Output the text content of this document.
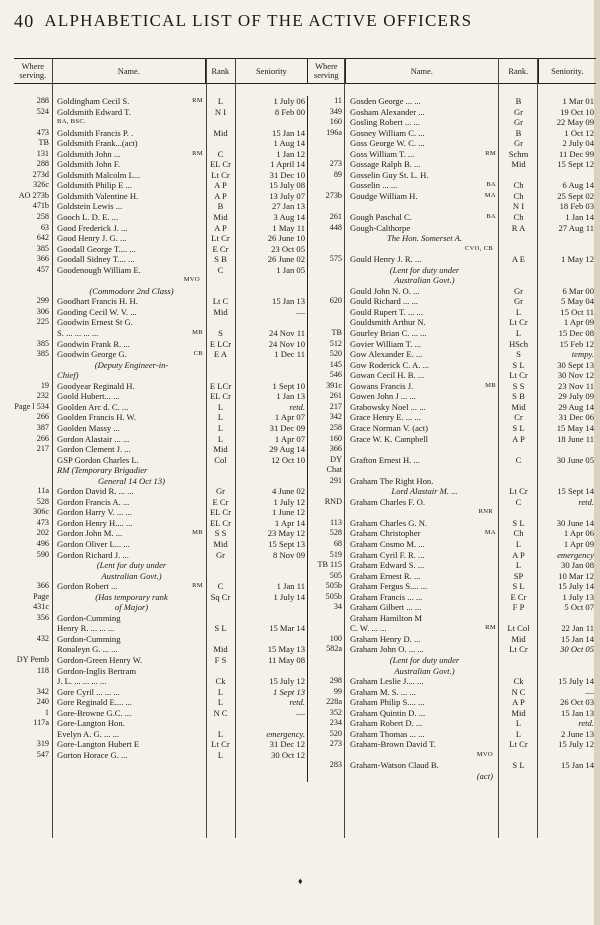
40 ALPHABETICAL LIST OF THE ACTIVE OFFICERS
Where serving.	Name.	Rank	Seniority	Where serving	Name.	Rank.	Seniority.
288 Goldingham Cecil S.	RM	L	1 July 06
524 Goldsmith Edward T.	N I	8 Feb 00
BA, BSC.
473 Goldsmith Francis P. .	Mid	15 Jan 14
TB Goldsmith Frank...(act)	1 Aug 14
131 Goldsmith John ...	RM	C	1 Jan 12
288 Goldsmith John F.	EL Cr	1 April 14
273d Goldsmith Malcolm L...	Lt Cr	31 Dec 10
326c Goldsmith Philip E ...	A P	15 July 08
AO 273b Goldsmith Valentine H.	A P	13 July 07
471b Goldstein Lewis ...	B	27 Jan 13
258 Gooch L. D. E. ...	Mid	3 Aug 14
63 Good Frederick J. ...	A P	1 May 11
642 Good Henry J. G. ...	Lt Cr	26 June 10
385 Goodall George T.... ...	E Cr	23 Oct 05
366 Goodall Sidney T.... ...	S B	26 June 02
457 Goodenough William E.	C	1 Jan 05
MVO
(Commodore 2nd Class)
299 Goodhart Francis H. H.	Lt C	15 Jan 13
306 Gooding Cecil W. V. ...	Mid	—
225 Goodwin Ernest St G.
S. ... ... ... ...	MB	S	24 Nov 11
385 Goodwin Frank R. ...	E LCr	24 Nov 10
385 Goodwin George G.	CB	E A	1 Dec 11
(Deputy Engineer-in-
Chief)
19 Goodyear Reginald H.	E LCr	1 Sept 10
232 Goold Hubert... ...	EL Cr	1 Jan 13
Page l 534 Goolden Arc d. C. ...	L	retd.
266 Goolden Francis H. W.	L	1 Apr 07
387 Goolden Massy ...	L	31 Dec 09
266 Gordon Alastair ... ...	L	1 Apr 07
217 Gordon Clement J. ...	Mid	29 Aug 14
GSP Gordon Charles L.	Col	12 Oct 10
RM (Temporary Brigadier
General 14 Oct 13)
11a Gordon David R. ... ...	Gr	4 June 02
528 Gordon Francis A. ...	E Cr	1 July 12
306c Gordon Harry V. ... ...	EL Cr	1 June 12
473 Gordon Henry H.... ...	EL Cr	1 Apr 14
202 Gordon John M. ...	MB	S S	23 May 12
496 Gordon Oliver L... ...	Mid	15 Sept 13
590 Gordon Richard J. ...	Gr	8 Nov 09
(Lent for duty under
Australian Govt.)
366 Gordon Robert ...	RM	C	1 Jan 11
Page	(Has temporary rank	Sq Cr	1 July 14
431c	of Major)
356 Gordon-Cumming
Henry R. ... ... ...	S L	15 Mar 14
432 Gordon-Cumming
Ronaleyn G. ... ...	Mid	15 May 13
DY Pemb Gordon-Green Henry W.	F S	11 May 08
118 Gordon-Inglis Bertram
J. L. ... ... ... ...	Ck	15 July 12
342 Gore Cyril ... ... ...	L	1 Sept 13
240 Gore Reginald E.... ...	L	retd.
1 Gore-Browne G.C. ...	N C	—
117a Gore-Langton Hon.
Evelyn A. G. ... ...	L	emergency.
319 Gore-Langton Hubert E	Lt Cr	31 Dec 12
547 Gorton Horace G. ...	L	30 Oct 12
11 Gosden George ... ...	B	1 Mar 01
349 Gosham Alexander ...	Gr	19 Oct 10
160 Gosling Robert ... ...	Gr	22 May 09
196a Gosney William C. ...	B	1 Oct 12
Goss George W. C. ...	Gr	2 July 04
Goss William T. ...	RM	Schm	11 Dec 99
273 Gossage Ralph B. ...	Mid	15 Sept 12
89 Gosselin Guy St. L. H.
Gosselin ... ...	BA	Ch	6 Aug 14
273b Goudge William H.	MA	Ch	25 Sept 02
N I	18 Feb 03
261 Gough Paschal C.	BA	Ch	1 Jan 14
448 Gough-Calthorpe	R A	27 Aug 11
The Hon. Somerset A.
CVO, CB
575 Gould Henry J. R. ...	A E	1 May 12
(Lent for duty under
Australian Govt.)
Gould John N. O. ...	Gr	6 Mar 00
620 Gould Richard ... ...	Gr	5 May 04
Gould Rupert T. ... ...	L	15 Oct 11
Gouldsmith Arthur N.	Lt Cr	1 Apr 09
TB Gourley Brian C. ... ...	L	15 Dec 08
512 Govier William T. ...	HSch	15 Feb 12
520 Gow Alexander E. ...	S	tempy.
145 Gow Roderick C. A. ...	S L	30 Sept 13
546 Gowan Cecil H. B. ...	Lt Cr	30 Nov 12
391c Gowans Francis J.	MB	S S	23 Nov 11
261 Gowen John J ... ...	S B	29 July 09
217 Grabowsky Noel ... ...	Mid	29 Aug 14
342 Grace Henry E. ... ...	Cr	31 Dec 06
258 Grace Norman V. (act)	S L	15 May 14
160 Grace W. K. Campbell	A P	18 June 11
366
DY Grafton Ernest H. ...	C	30 June 05
Chat
291 Graham The Right Hon.
Lord Alastair M. ...	Lt Cr	15 Sept 14
RND Graham Charles F. O.	C	retd.
RNR
113 Graham Charles G. N.	S L	30 June 14
528 Graham Christopher	MA	Ch	1 Apr 06
68 Graham Cosmo M. ...	L	1 Apr 09
519 Graham Cyril F. R. ...	A P	emergency
TB 115 Graham Edward S. ...	L	30 Jan 08
505 Graham Ernest R. ...	SP	10 Mar 12
505b Graham Fergus S.... ...	S L	15 July 14
505b Graham Francis ... ...	E Cr	1 July 13
34 Graham Gilbert ... ...	F P	5 Oct 07
Graham Hamilton M
C. W. ... ...	RM	Lt Col	22 Jan 11
100 Graham Henry D. ...	Mid	15 Jan 14
582a Graham John O. ... ...	Lt Cr	30 Oct 05
(Lent for duty under
Australian Govt.)
298 Graham Leslie J.... ...	Ck	15 July 14
99 Graham M. S. ... ...	N C	—
228a Graham Philip S.... ...	A P	26 Oct 03
352 Graham Quintin D. ...	Mid	15 Jan 13
234 Graham Robert D. ...	L	retd.
520 Graham Thomas ... ...	L	2 June 13
273 Graham-Brown David T.	Lt Cr	15 July 12
MVO
283 Graham-Watson Claud B.	S L	15 Jan 14
(act)
♦
